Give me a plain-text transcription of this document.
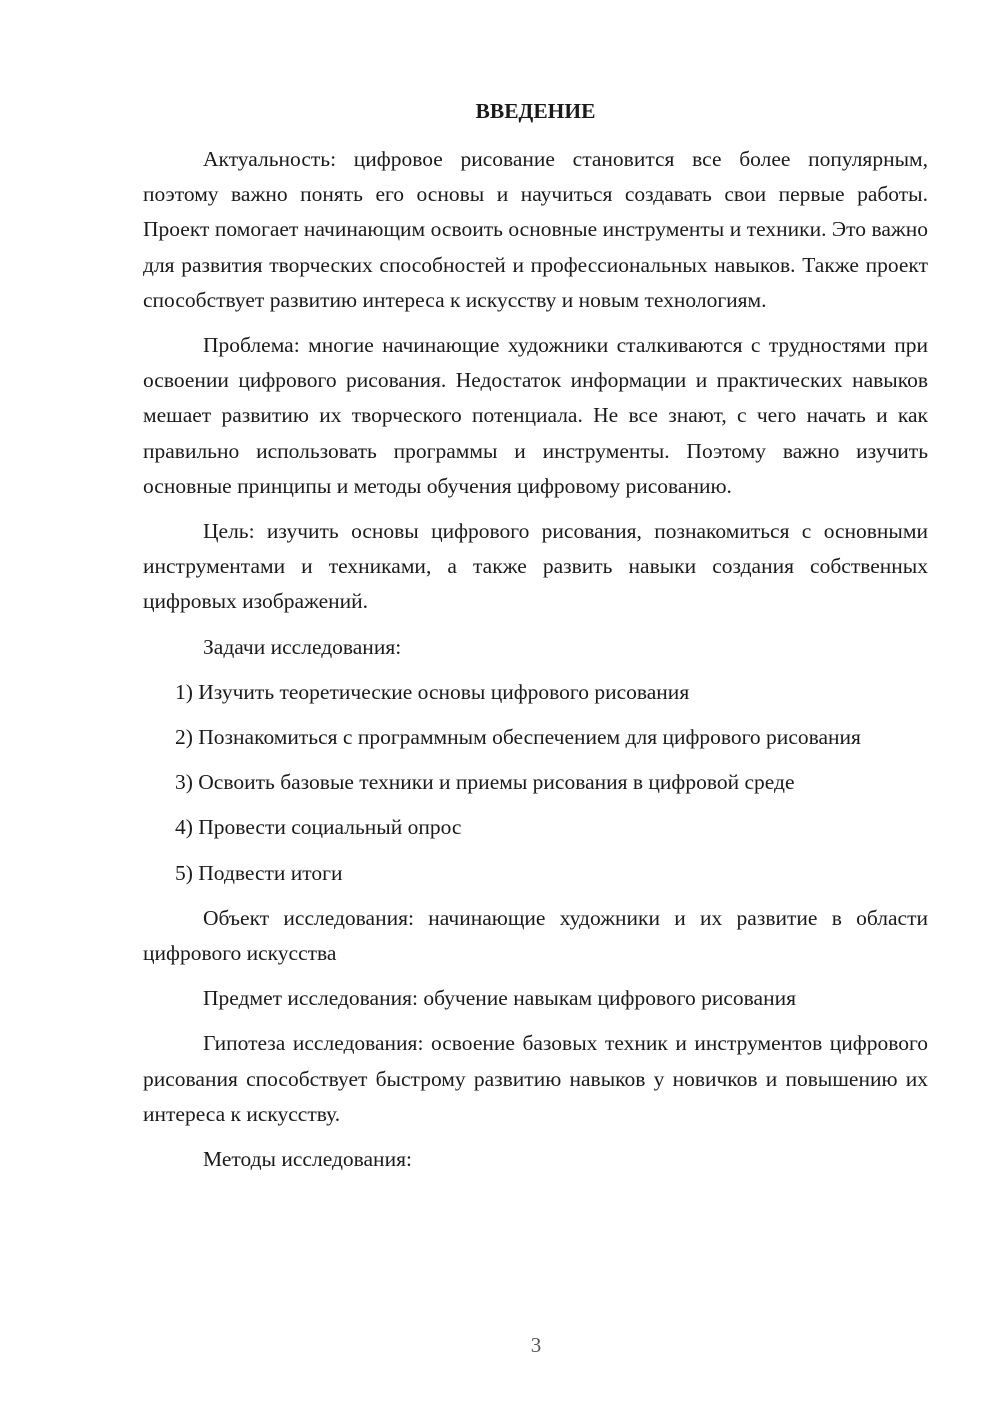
ВВЕДЕНИЕ

Актуальность: цифровое рисование становится все более популярным, поэтому важно понять его основы и научиться создавать свои первые работы. Проект помогает начинающим освоить основные инструменты и техники. Это важно для развития творческих способностей и профессиональных навыков. Также проект способствует развитию интереса к искусству и новым технологиям.

Проблема: многие начинающие художники сталкиваются с трудностями при освоении цифрового рисования. Недостаток информации и практических навыков мешает развитию их творческого потенциала. Не все знают, с чего начать и как правильно использовать программы и инструменты. Поэтому важно изучить основные принципы и методы обучения цифровому рисованию.

Цель: изучить основы цифрового рисования, познакомиться с основными инструментами и техниками, а также развить навыки создания собственных цифровых изображений.

Задачи исследования:

1) Изучить теоретические основы цифрового рисования

2) Познакомиться с программным обеспечением для цифрового рисования

3) Освоить базовые техники и приемы рисования в цифровой среде

4) Провести социальный опрос

5) Подвести итоги

Объект исследования: начинающие художники и их развитие в области цифрового искусства

Предмет исследования: обучение навыкам цифрового рисования

Гипотеза исследования: освоение базовых техник и инструментов цифрового рисования способствует быстрому развитию навыков у новичков и повышению их интереса к искусству.

Методы исследования:

3
